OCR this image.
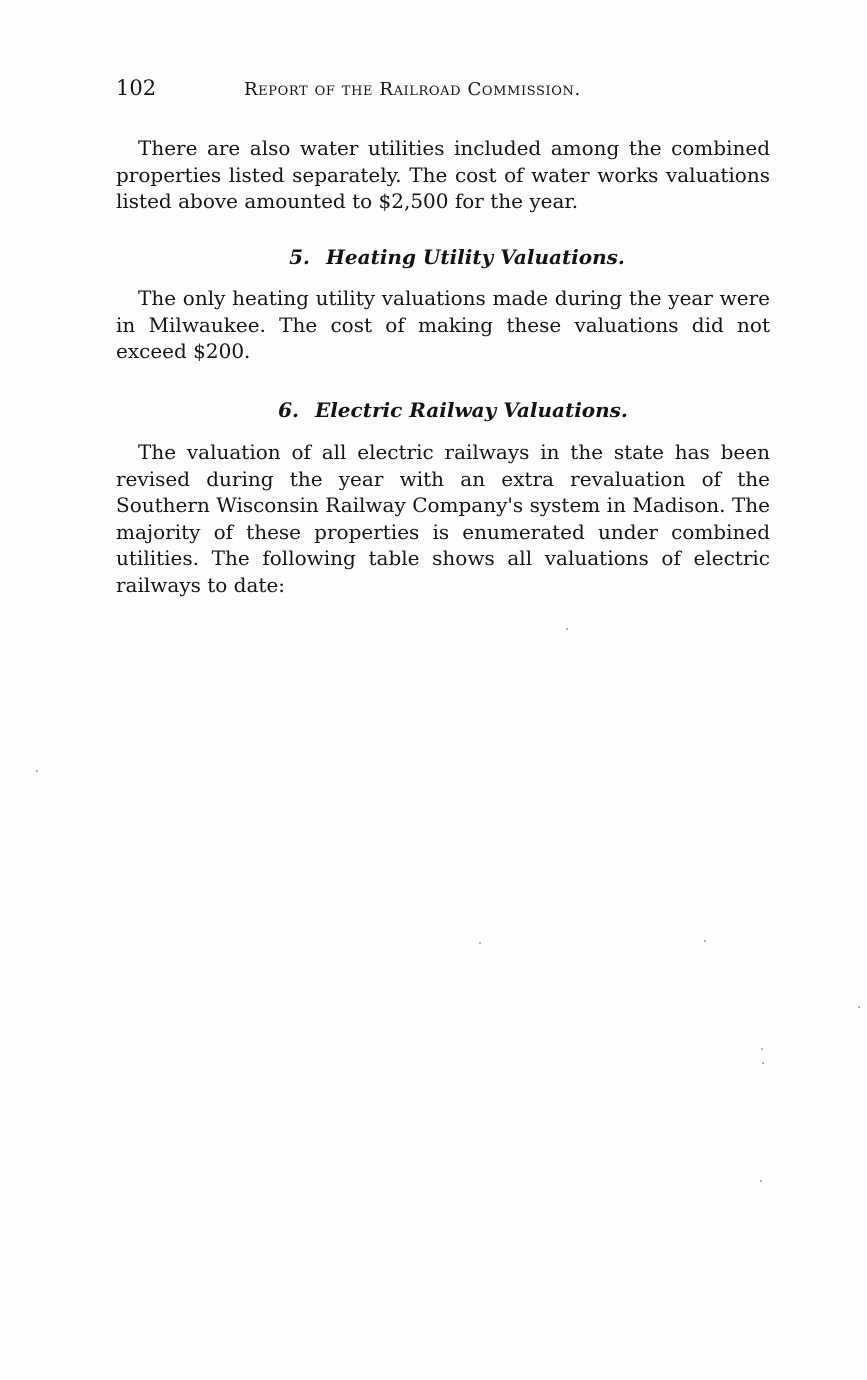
102	Report of the Railroad Commission.

There are also water utilities included among the combined properties listed separately. The cost of water works valuations listed above amounted to $2,500 for the year.

5. Heating Utility Valuations.

The only heating utility valuations made during the year were in Milwaukee. The cost of making these valuations did not exceed $200.

6. Electric Railway Valuations.

The valuation of all electric railways in the state has been revised during the year with an extra revaluation of the Southern Wisconsin Railway Company's system in Madison. The majority of these properties is enumerated under combined utilities. The following table shows all valuations of electric railways to date:
